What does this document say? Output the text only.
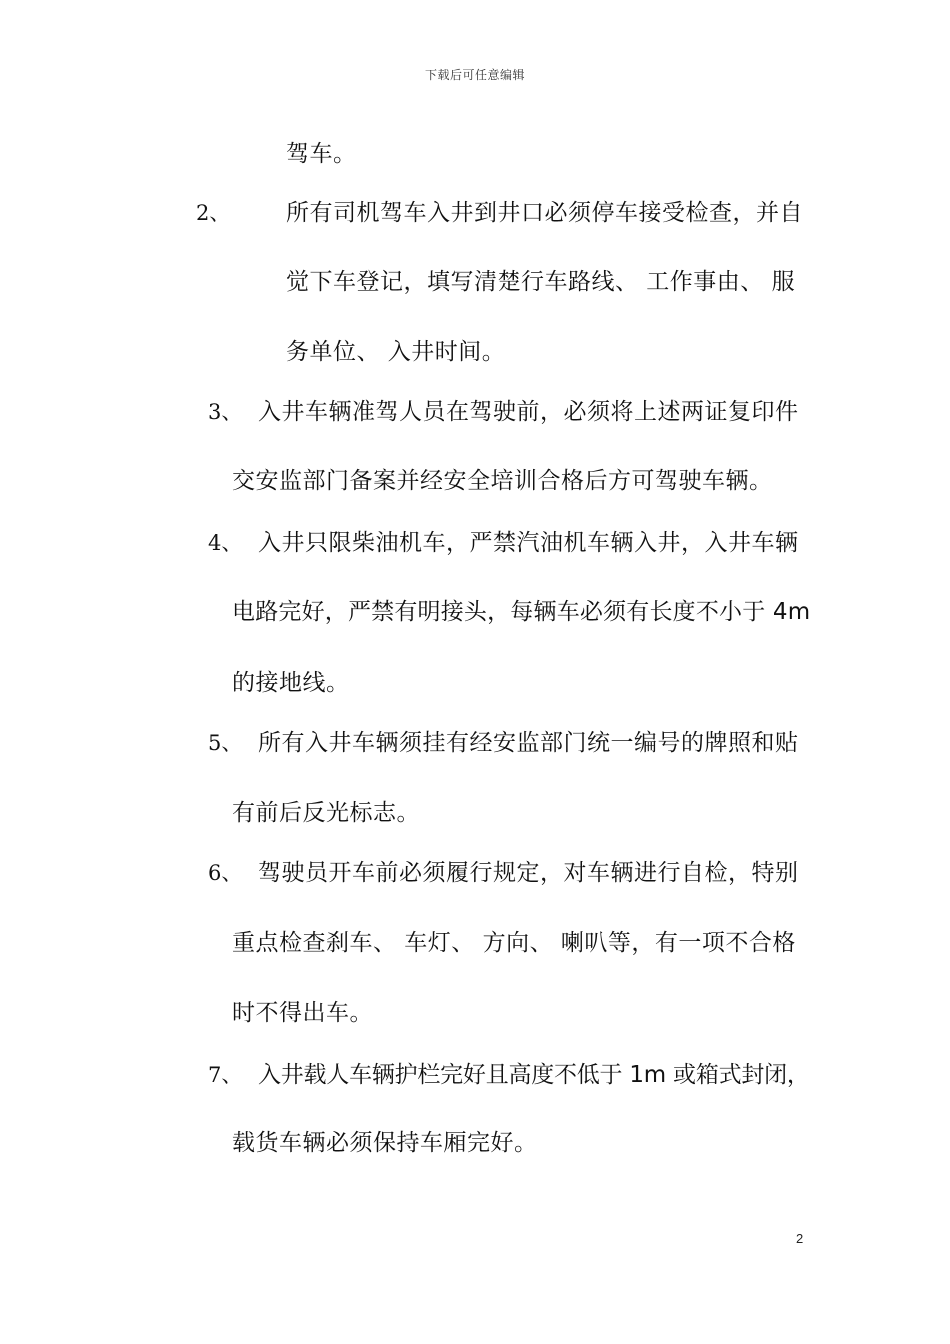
下载后可任意编辑
驾车。
2、 所有司机驾车入井到井口必须停车接受检查，并自
觉下车登记，填写清楚行车路线、 工作事由、 服
务单位、 入井时间。
3、 入井车辆准驾人员在驾驶前，必须将上述两证复印件
交安监部门备案并经安全培训合格后方可驾驶车辆。
4、 入井只限柴油机车，严禁汽油机车辆入井，入井车辆
电路完好，严禁有明接头，每辆车必须有长度不小于 4m
的接地线。
5、 所有入井车辆须挂有经安监部门统一编号的牌照和贴
有前后反光标志。
6、 驾驶员开车前必须履行规定，对车辆进行自检，特别
重点检查刹车、 车灯、 方向、 喇叭等，有一项不合格
时不得出车。
7、 入井载人车辆护栏完好且高度不低于 1m 或箱式封闭，
载货车辆必须保持车厢完好。
2
